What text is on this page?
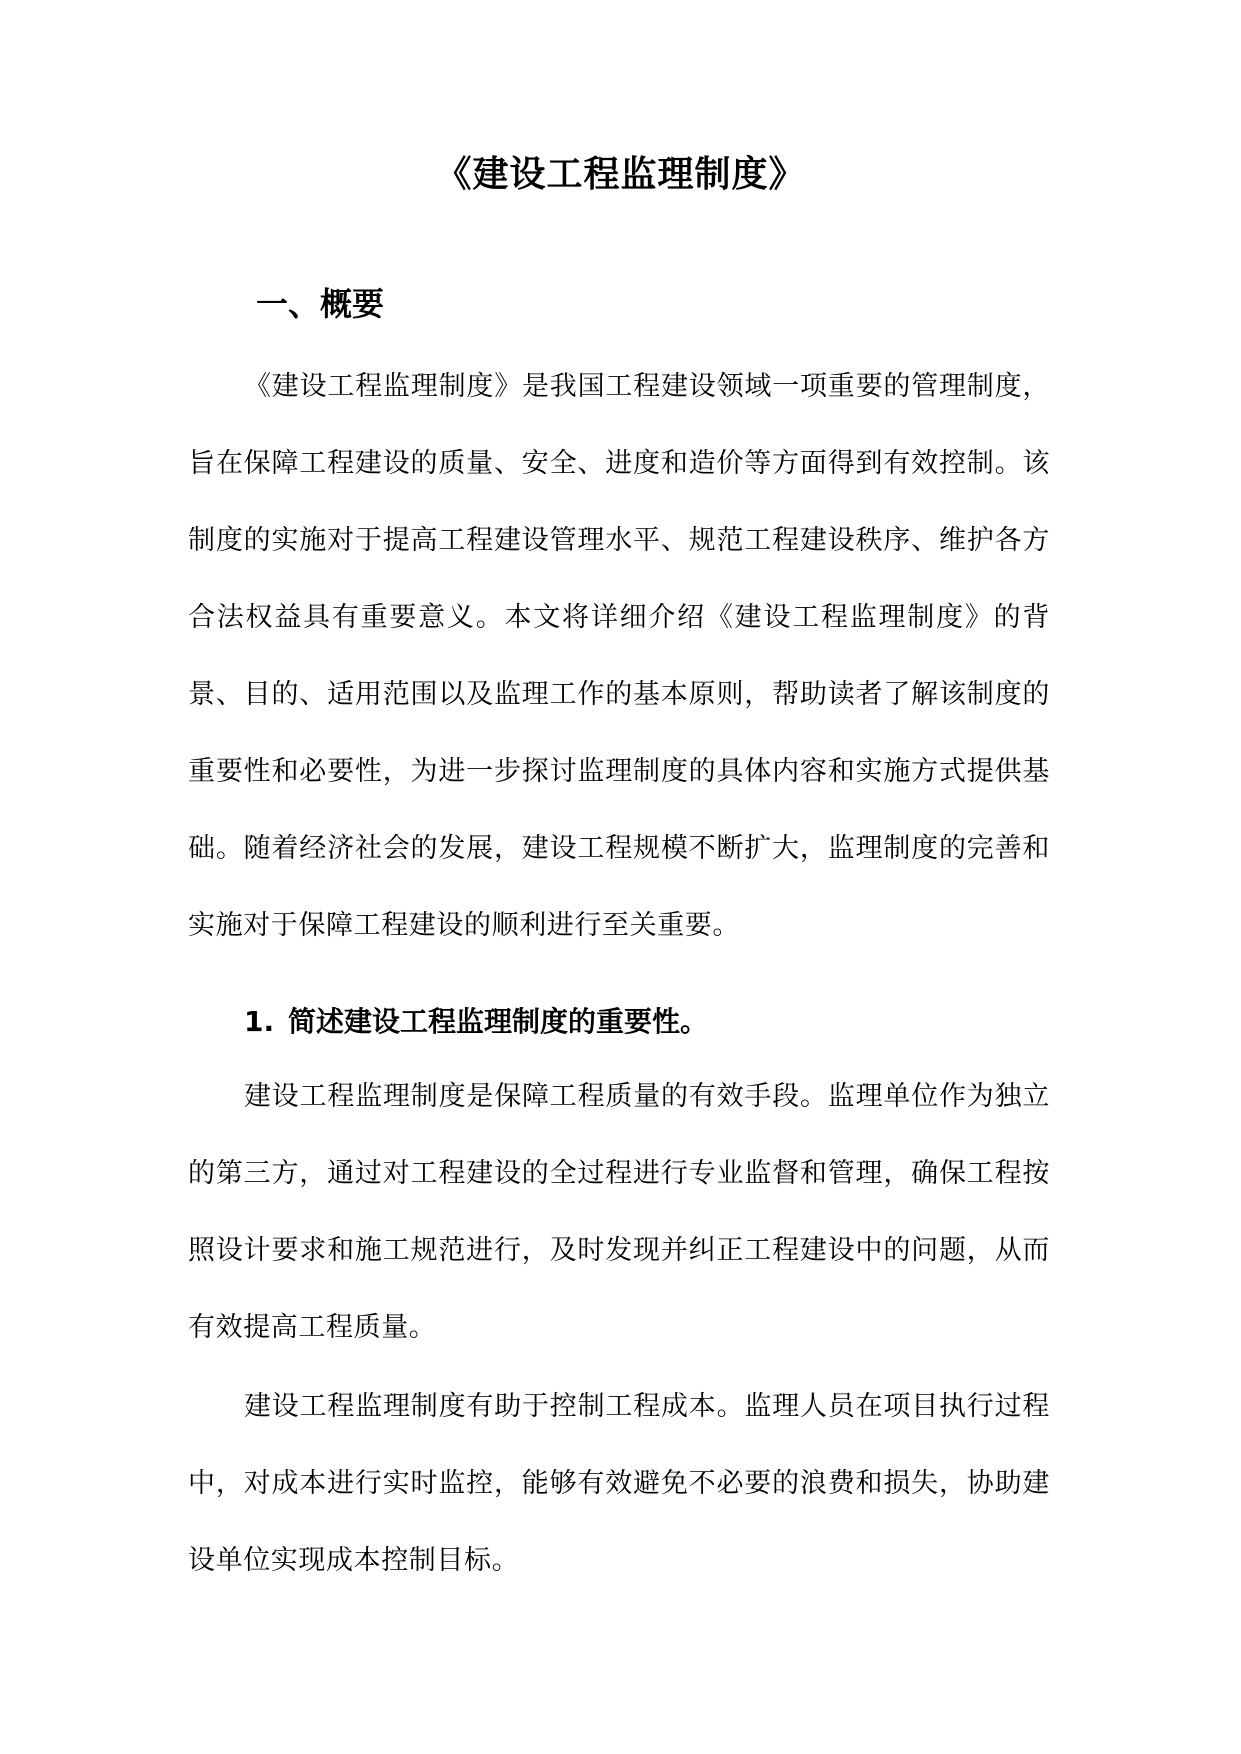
《建设工程监理制度》
一、概要

《建设工程监理制度》是我国工程建设领域一项重要的管理制度，旨在保障工程建设的质量、安全、进度和造价等方面得到有效控制。该制度的实施对于提高工程建设管理水平、规范工程建设秩序、维护各方合法权益具有重要意义。本文将详细介绍《建设工程监理制度》的背景、目的、适用范围以及监理工作的基本原则，帮助读者了解该制度的重要性和必要性，为进一步探讨监理制度的具体内容和实施方式提供基础。随着经济社会的发展，建设工程规模不断扩大，监理制度的完善和实施对于保障工程建设的顺利进行至关重要。

1. 简述建设工程监理制度的重要性。

建设工程监理制度是保障工程质量的有效手段。监理单位作为独立的第三方，通过对工程建设的全过程进行专业监督和管理，确保工程按照设计要求和施工规范进行，及时发现并纠正工程建设中的问题，从而有效提高工程质量。

建设工程监理制度有助于控制工程成本。监理人员在项目执行过程中，对成本进行实时监控，能够有效避免不必要的浪费和损失，协助建设单位实现成本控制目标。
